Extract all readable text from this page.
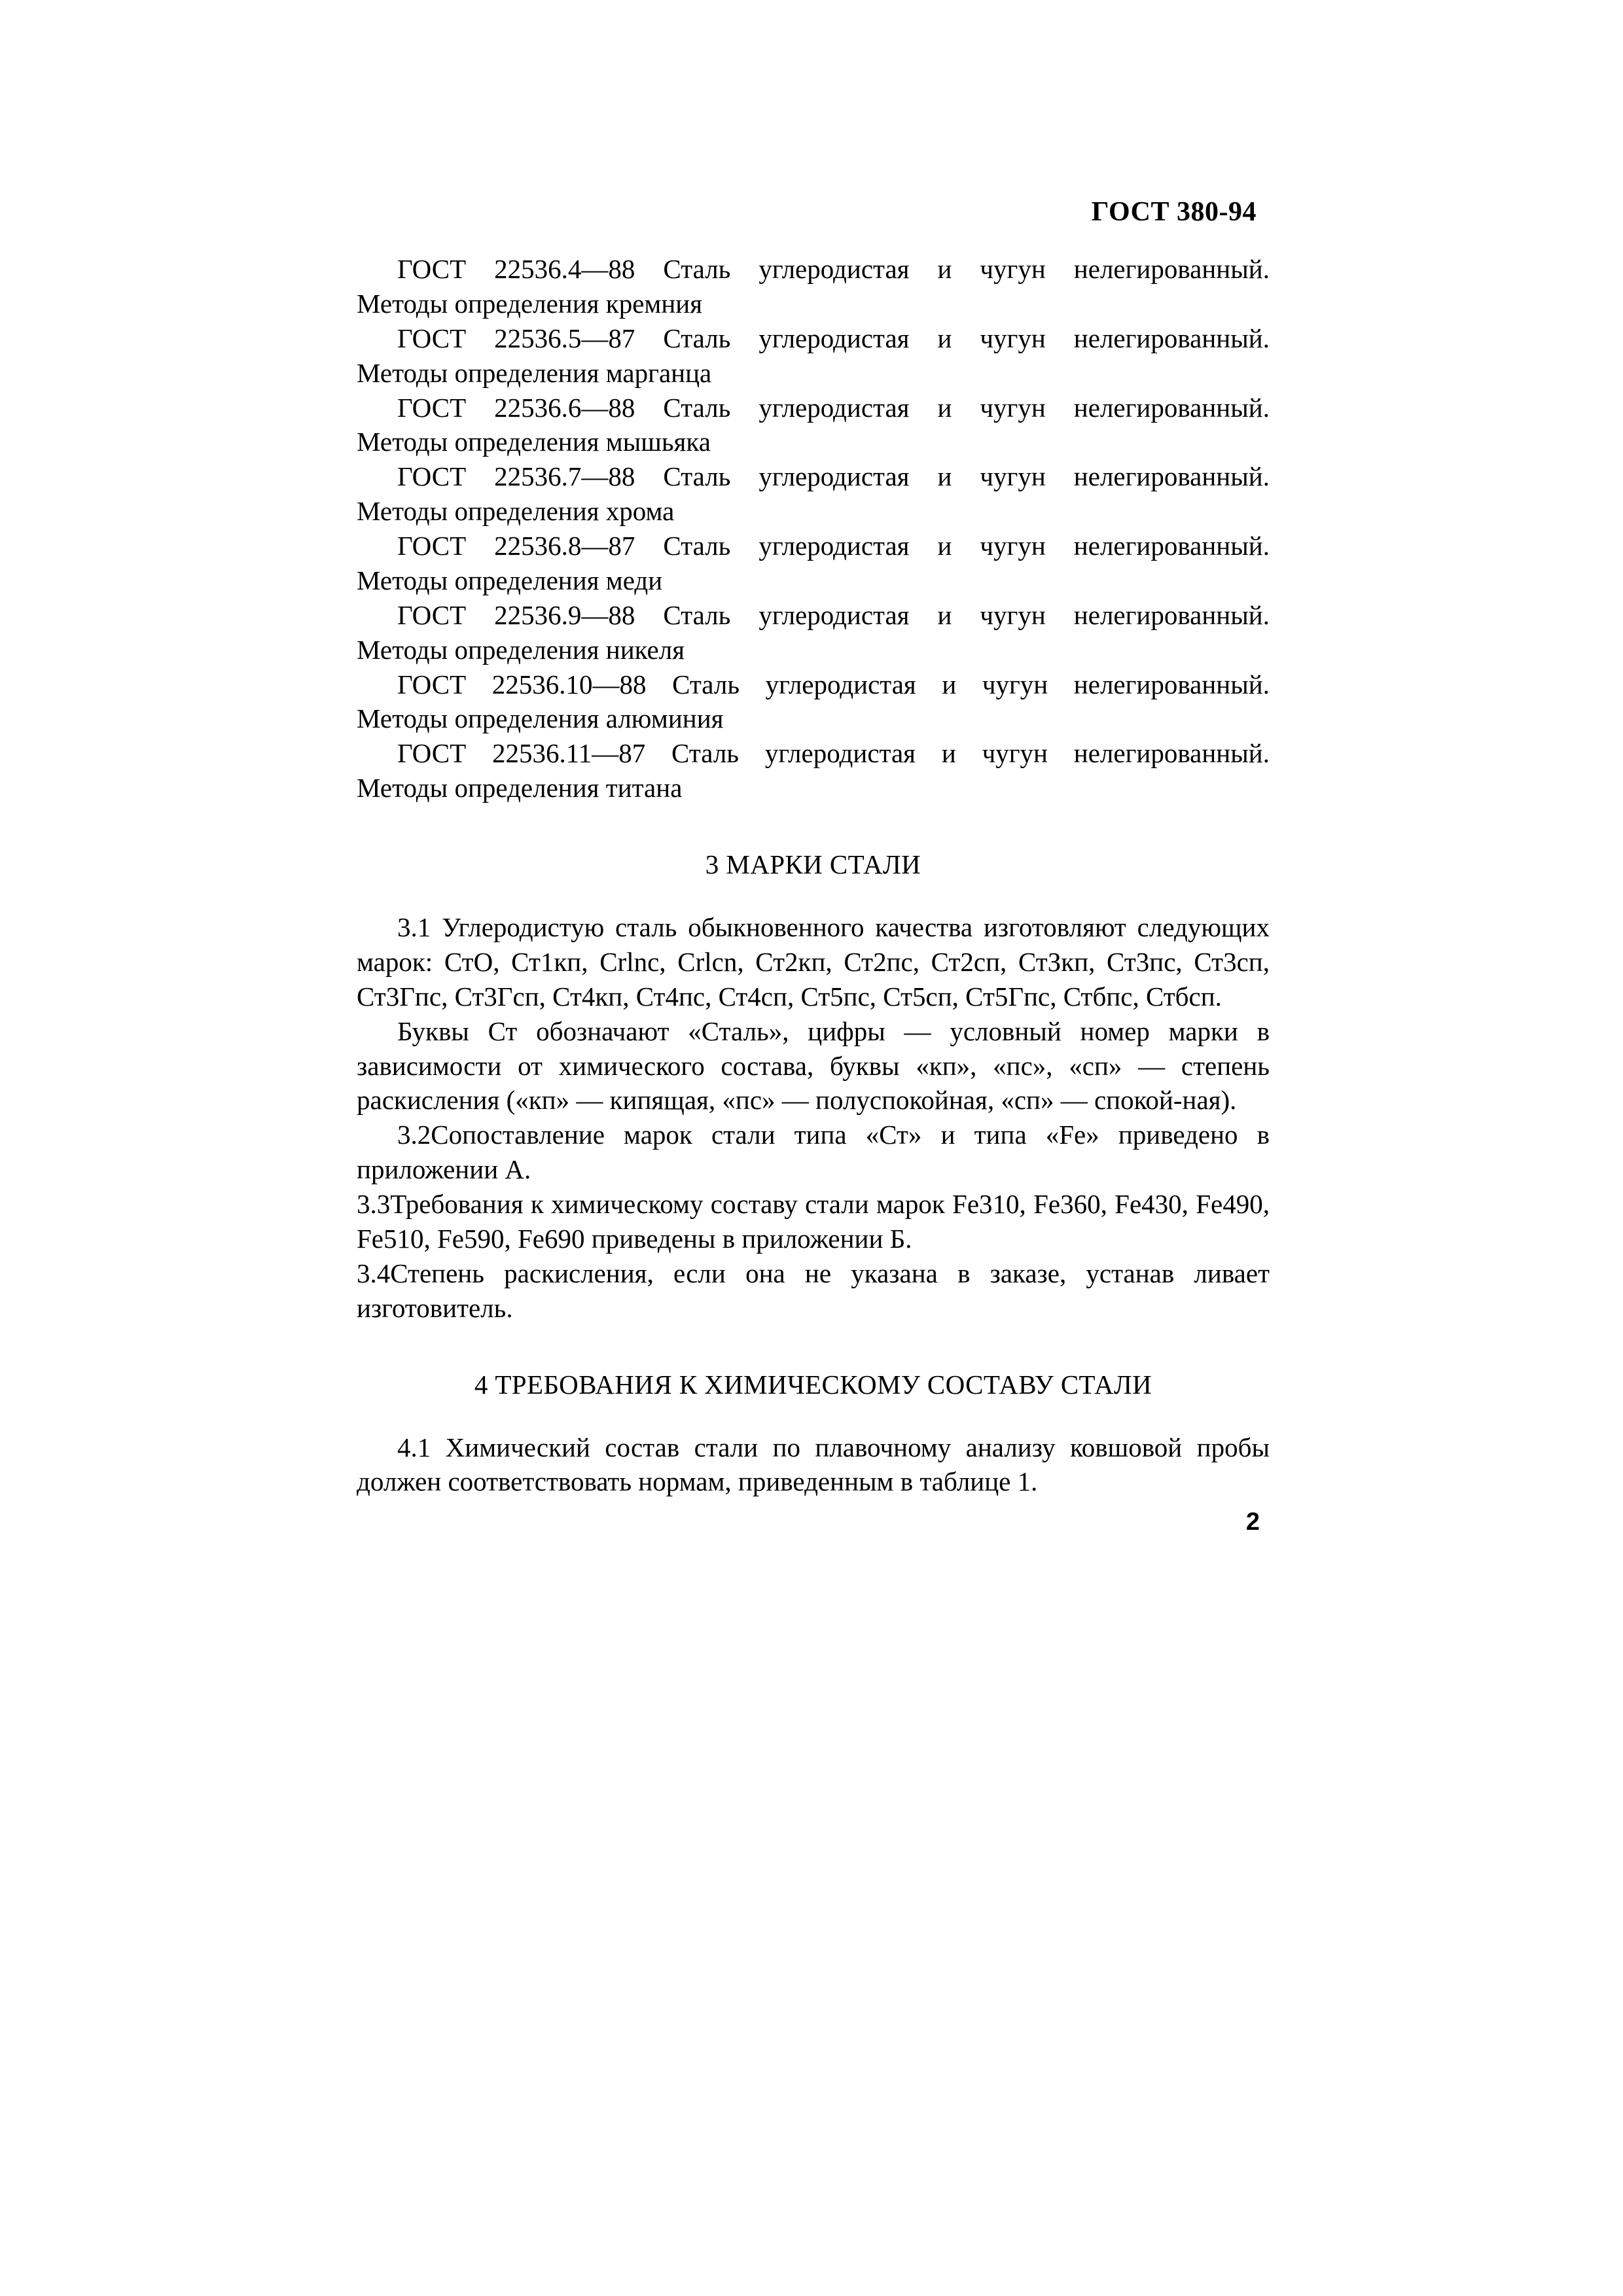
ГОСТ 380-94

ГОСТ 22536.4—88 Сталь углеродистая и чугун нелегированный.
Методы определения кремния

ГОСТ 22536.5—87 Сталь углеродистая и чугун нелегированный.
Методы определения марганца

ГОСТ 22536.6—88 Сталь углеродистая и чугун нелегированный.
Методы определения мышьяка

ГОСТ 22536.7—88 Сталь углеродистая и чугун нелегированный.
Методы определения хрома

ГОСТ 22536.8—87 Сталь углеродистая и чугун нелегированный.
Методы определения меди

ГОСТ 22536.9—88 Сталь углеродистая и чугун нелегированный.
Методы определения никеля

ГОСТ 22536.10—88 Сталь углеродистая и чугун нелегированный.
Методы определения алюминия

ГОСТ 22536.11—87 Сталь углеродистая и чугун нелегированный.
Методы определения титана

3 МАРКИ СТАЛИ

3.1 Углеродистую сталь обыкновенного качества изготовляют следующих марок: СтО, Ст1кп, Crlnc, Crlcn, Ст2кп, Ст2пс, Ст2сп, СтЗкп, Ст3пс, Ст3сп, Ст3Гпс, Ст3Гсп, Ст4кп, Ст4пс, Ст4сп, Ст5пс, Ст5сп, Ст5Гпс, Стбпс, Стбсп.

Буквы Ст обозначают «Сталь», цифры — условный номер марки в зависимости от химического состава, буквы «кп», «пс», «сп» — степень раскисления («кп» — кипящая, «пс» — полуспокойная, «сп» — спокой-ная).

3.2Сопоставление марок стали типа «Ст» и типа «Fe» приведено в приложении А.

3.3Требования к химическому составу стали марок Fe310, Fe360, Fe430, Fe490, Fe510, Fe590, Fe690 приведены в приложении Б.

3.4Степень раскисления, если она не указана в заказе, устанав ливает изготовитель.

4 ТРЕБОВАНИЯ К ХИМИЧЕСКОМУ СОСТАВУ СТАЛИ

4.1 Химический состав стали по плавочному анализу ковшовой пробы должен соответствовать нормам, приведенным в таблице 1.

2
